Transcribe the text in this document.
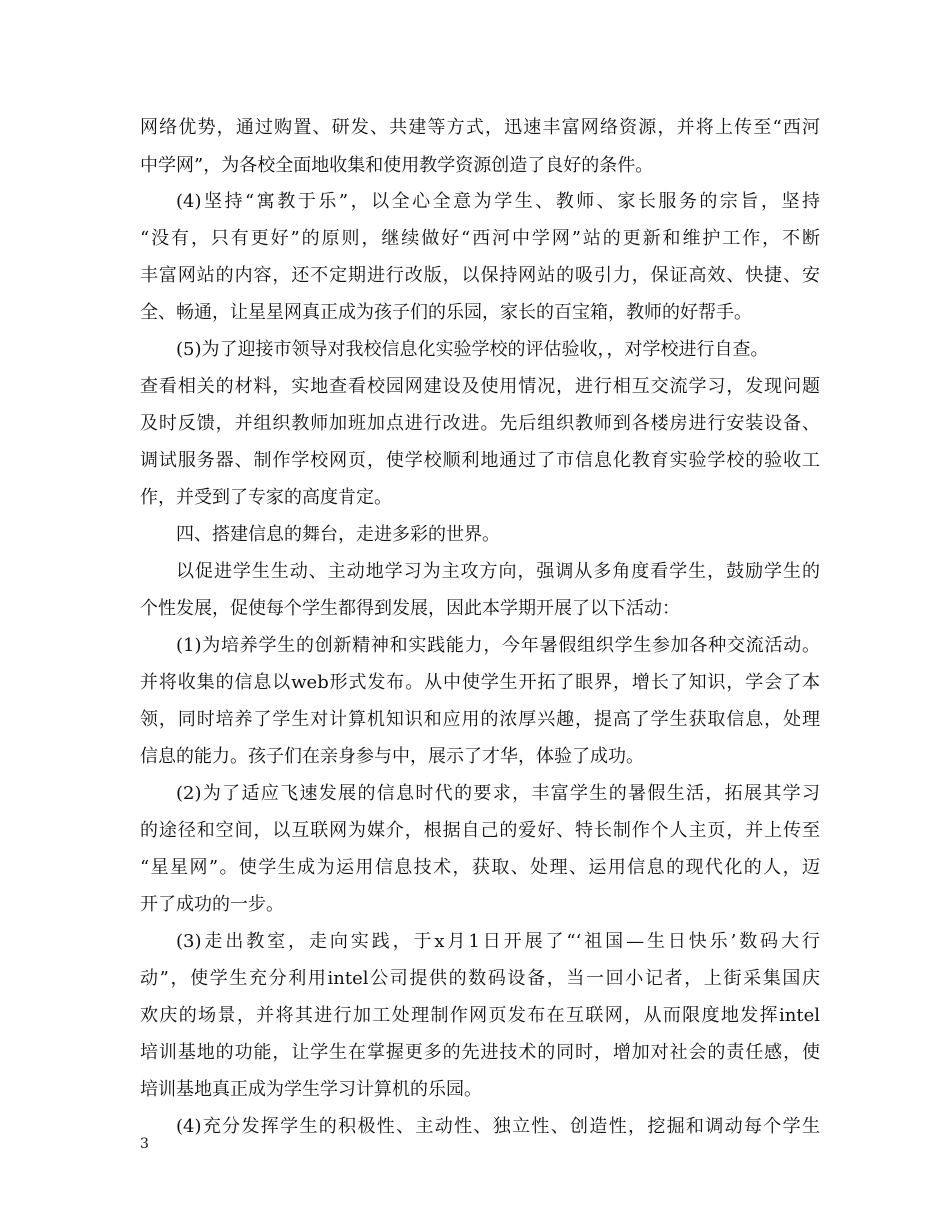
网络优势，通过购置、研发、共建等方式，迅速丰富网络资源，并将上传至“西河
中学网”，为各校全面地收集和使用教学资源创造了良好的条件。
(4)坚持“寓教于乐”，以全心全意为学生、教师、家长服务的宗旨，坚持
“没有，只有更好”的原则，继续做好“西河中学网”站的更新和维护工作，不断
丰富网站的内容，还不定期进行改版，以保持网站的吸引力，保证高效、快捷、安
全、畅通，让星星网真正成为孩子们的乐园，家长的百宝箱，教师的好帮手。
(5)为了迎接市领导对我校信息化实验学校的评估验收，，对学校进行自查。
查看相关的材料，实地查看校园网建设及使用情况，进行相互交流学习，发现问题
及时反馈，并组织教师加班加点进行改进。先后组织教师到各楼房进行安装设备、
调试服务器、制作学校网页，使学校顺利地通过了市信息化教育实验学校的验收工
作，并受到了专家的高度肯定。
四、搭建信息的舞台，走进多彩的世界。
以促进学生生动、主动地学习为主攻方向，强调从多角度看学生，鼓励学生的
个性发展，促使每个学生都得到发展，因此本学期开展了以下活动：
(1)为培养学生的创新精神和实践能力，今年暑假组织学生参加各种交流活动。
并将收集的信息以web形式发布。从中使学生开拓了眼界，增长了知识，学会了本
领，同时培养了学生对计算机知识和应用的浓厚兴趣，提高了学生获取信息，处理
信息的能力。孩子们在亲身参与中，展示了才华，体验了成功。
(2)为了适应飞速发展的信息时代的要求，丰富学生的暑假生活，拓展其学习
的途径和空间，以互联网为媒介，根据自己的爱好、特长制作个人主页，并上传至
“星星网”。使学生成为运用信息技术，获取、处理、运用信息的现代化的人，迈
开了成功的一步。
(3)走出教室，走向实践，于x月1日开展了“‘祖国—生日快乐’数码大行
动”，使学生充分利用intel公司提供的数码设备，当一回小记者，上街采集国庆
欢庆的场景，并将其进行加工处理制作网页发布在互联网，从而限度地发挥intel
培训基地的功能，让学生在掌握更多的先进技术的同时，增加对社会的责任感，使
培训基地真正成为学生学习计算机的乐园。
(4)充分发挥学生的积极性、主动性、独立性、创造性，挖掘和调动每个学生
3
